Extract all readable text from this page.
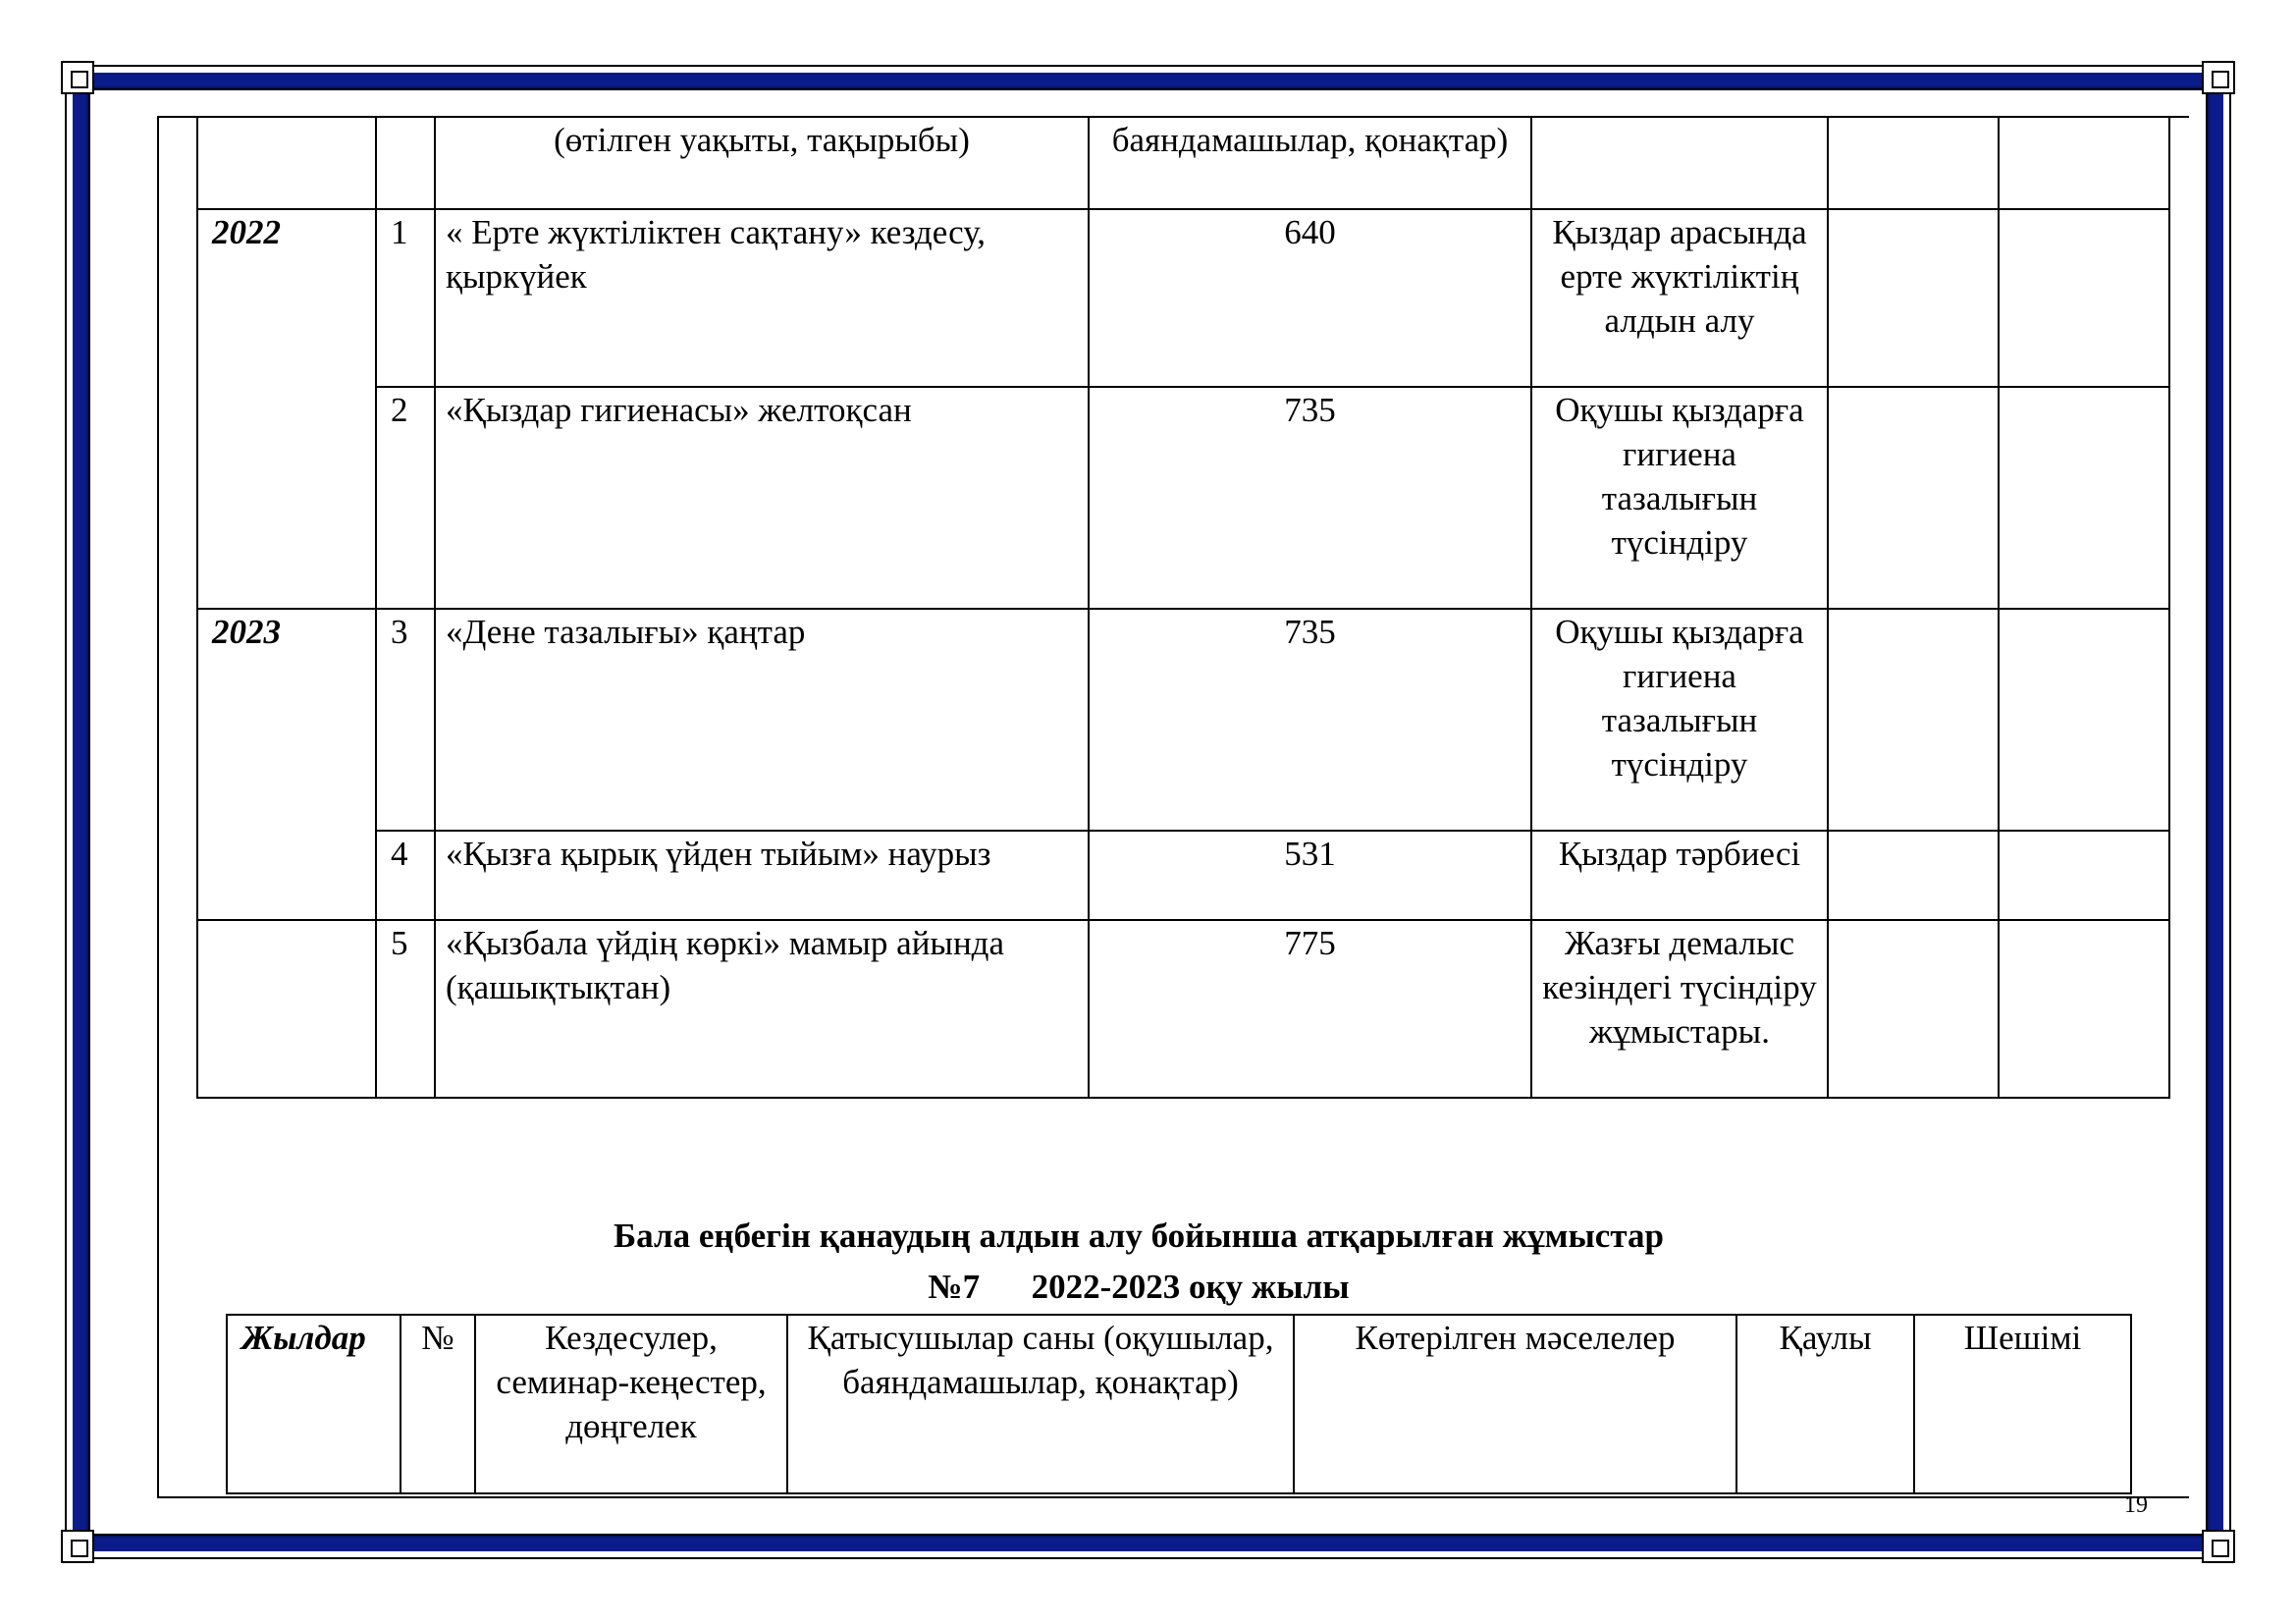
		(өтілген уақыты, тақырыбы)	баяндамашылар, қонақтар)			
2022	1	« Ерте жүктіліктен сақтану» кездесу, қыркүйек	640	Қыздар арасында ерте жүктіліктің алдын алу		
	2	«Қыздар гигиенасы» желтоқсан	735	Оқушы қыздарға гигиена тазалығын түсіндіру		
2023	3	«Дене тазалығы» қаңтар	735	Оқушы қыздарға гигиена тазалығын түсіндіру		
	4	«Қызға қырық үйден тыйым» наурыз	531	Қыздар тәрбиесі		
	5	«Қызбала үйдің көркі» мамыр айында (қашықтықтан)	775	Жазғы демалыс кезіндегі түсіндіру жұмыстары.		
Бала еңбегін қанаудың алдын алу бойынша атқарылған жұмыстар
№7      2022-2023 оқу жылы
Жылдар	№	Кездесулер, семинар-кеңестер, дөңгелек	Қатысушылар саны (оқушылар, баяндамашылар, қонақтар)	Көтерілген мәселелер	Қаулы	Шешімі
19
